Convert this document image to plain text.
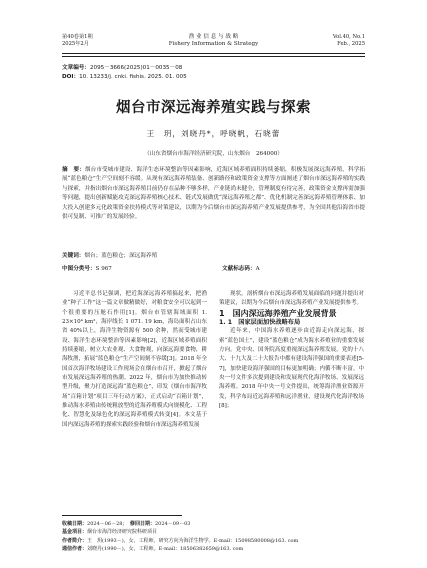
第40卷第1期
2025年2月
渔 业 信 息 与 战 略
Fishery Information & Strategy
Vol.40, No.1
Feb., 2025
文章编号：2095－3666(2025)01－0035－08
DOI：10. 13233/j. cnki. fishis. 2025. 01. 005
烟台市深远海养殖实践与探索
王　玥，刘晓丹*，呼晓帆，石晓蕾
（山东省烟台市海洋经济研究院，山东烟台　264000）
摘　要：烟台市受城市建设、海洋生态环境整治等因素影响，近海区域养殖面积持续萎缩，积极发展深远海养殖，科学拓展“蓝色粮仓”生产空间刻不容缓。从现有深远海养殖装备、创新路径和政策资金支撑等方面阐述了烟台市深远海养殖的实践与探索，并指出烟台市深远海养殖目前仍存在品种不够多样，产业链尚未健全，管理制度有待完善，政策资金支撑再需加强等问题，提出创新赋能攻克深远海养殖核心技术、链式发展做优“深远海养殖之都”、优化机制完善深远海养殖管理体系、加大投入创建多元化政策资金扶持模式等对策建议，以期为今后烟台市深远海养殖产业发展提供参考，为全国其他沿海省市提供可复制、可推广的发展经验。
关键词：烟台；蓝色粮仓；深远海养殖
中图分类号：S 967	文献标志码：A

习近平总书记强调，把近海深远海养殖搞起来，把渔业“种子工作”这一篇文章做精做好，对粮食安全可以起到一个很重要的压舱石作用[1]。烟台市管辖海域面积 1. 23×10⁴ km²，海岸线长 1 071. 19 km，海岛面积占山东省 40%以上，海洋生物资源有 500 余种，然而受城市建设、海洋生态环境整治等因素影响[2]，近海区域养殖面积持续萎缩，树立大农业观、大食物观，向深远海要食物，耕海牧渔，拓展“蓝色粮仓”生产空间刻不容缓[3]。2018 年全国首次海洋牧场建设工作现场会在烟台市召开，掀起了烟台市发展深远海养殖的热潮。2022 年，烟台市为加快推动转型升级，聚力打造深远海“蓝色粮仓”，印发《烟台市海洋牧场“百箱计划”项目三年行动方案》，正式启动“百箱计划”，推动海水养殖由传统粗放型的近海养殖模式向规模化、工程化、智慧化及绿色化的深远海养殖模式转变[4]。本文基于国内深远海养殖的探索实践经验和烟台市深远海养殖发展

现状，剖析烟台市深远海养殖发展面临的问题并提出对策建议，以期为今后烟台市深远海养殖产业发展提供参考。

1　国内深远海养殖产业发展背景

1. 1　国家层面加快战略布局

近年来，中国海水养殖逐步由近海走向深远海，探索“蓝色国土”，建设“蓝色粮仓”成为海水养殖业的重要发展方向。党中央、国务院高度重视深远海养殖发展，党的十八大、十九大及二十大报告中都有建设海洋强国的重要表述[5-7]，加快建设海洋强国的目标更加明确；内循不断丰富。中央一号文件多次提到建设和发展现代化海洋牧场、发展深远海养殖。2018 年中央一号文件提出，统筹海洋渔业资源开发，科学布局近远海养殖和远洋渔业，建设现代化海洋牧场[8]；

收稿日期：2024－06－28；　修回日期：2024－09－03
基金项目：烟台市海洋经济研究院科研项目
作者简介：王　玥(1993－)，女，工程师，研究方向为海洋生物学。E-mail：15098580008@163. com
通信作者：刘晓丹(1990－)，女，工程师。E-mail：18506382659@163. com
